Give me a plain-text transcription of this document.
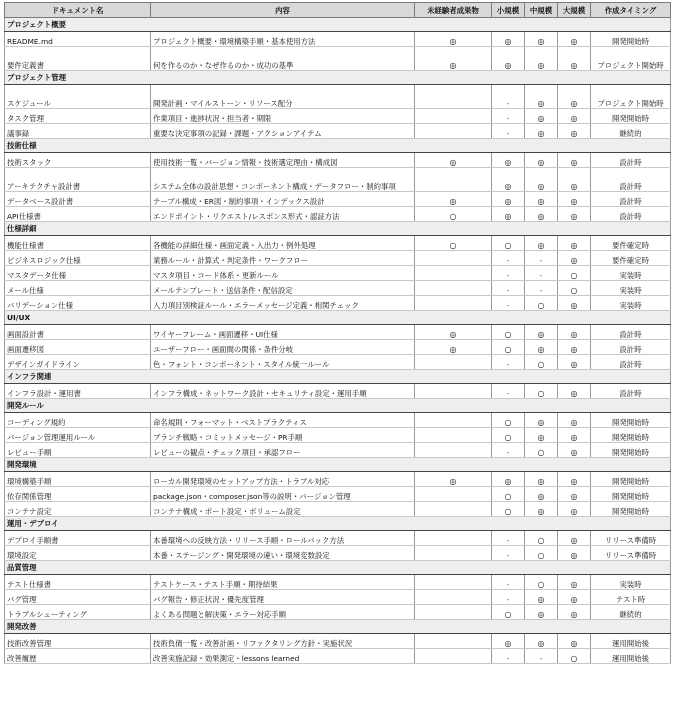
ドキュメント名	内容	未経験者成果物	小規模	中規模	大規模	作成タイミング
プロジェクト概要						
README.md	プロジェクト概要・環境構築手順・基本使用方法	◎	◎	◎	◎	開発開始時
要件定義書	何を作るのか・なぜ作るのか・成功の基準	◎	◎	◎	◎	プロジェクト開始時
プロジェクト管理						
スケジュール	開発計画・マイルストーン・リソース配分		-	◎	◎	プロジェクト開始時
タスク管理	作業項目・進捗状況・担当者・期限		-	◎	◎	開発開始時
議事録	重要な決定事項の記録・課題・アクションアイテム		-	◎	◎	継続的
技術仕様						
技術スタック	使用技術一覧・バージョン情報・技術選定理由・構成図	◎	◎	◎	◎	設計時
アーキテクチャ設計書	システム全体の設計思想・コンポーネント構成・データフロー・制約事項		◎	◎	◎	設計時
データベース設計書	テーブル構成・ER図・制約事項・インデックス設計	◎	◎	◎	◎	設計時
API仕様書	エンドポイント・リクエスト/レスポンス形式・認証方法	○	◎	◎	◎	設計時
仕様詳細						
機能仕様書	各機能の詳細仕様・画面定義・入出力・例外処理	○	○	◎	◎	要件確定時
ビジネスロジック仕様	業務ルール・計算式・判定条件・ワークフロー		-	-	◎	要件確定時
マスタデータ仕様	マスタ項目・コード体系・更新ルール		-	-	○	実装時
メール仕様	メールテンプレート・送信条件・配信設定		-	-	○	実装時
バリデーション仕様	入力項目別検証ルール・エラーメッセージ定義・相関チェック		-	○	◎	実装時
UI/UX						
画面設計書	ワイヤーフレーム・画面遷移・UI仕様	◎	○	◎	◎	設計時
画面遷移図	ユーザーフロー・画面間の関係・条件分岐	◎	○	◎	◎	設計時
デザインガイドライン	色・フォント・コンポーネント・スタイル統一ルール		-	○	◎	設計時
インフラ関連						
インフラ設計・運用書	インフラ構成・ネットワーク設計・セキュリティ設定・運用手順		-	○	◎	設計時
開発ルール						
コーディング規約	命名規則・フォーマット・ベストプラクティス		○	◎	◎	開発開始時
バージョン管理運用ルール	ブランチ戦略・コミットメッセージ・PR手順		○	◎	◎	開発開始時
レビュー手順	レビューの観点・チェック項目・承認フロー		-	○	◎	開発開始時
開発環境						
環境構築手順	ローカル開発環境のセットアップ方法・トラブル対応	◎	◎	◎	◎	開発開始時
依存関係管理	package.json・composer.json等の説明・バージョン管理		○	◎	◎	開発開始時
コンテナ設定	コンテナ構成・ポート設定・ボリューム設定		○	◎	◎	開発開始時
運用・デプロイ						
デプロイ手順書	本番環境への反映方法・リリース手順・ロールバック方法		-	○	◎	リリース準備時
環境設定	本番・ステージング・開発環境の違い・環境変数設定		-	○	◎	リリース準備時
品質管理						
テスト仕様書	テストケース・テスト手順・期待結果		-	○	◎	実装時
バグ管理	バグ報告・修正状況・優先度管理		-	◎	◎	テスト時
トラブルシューティング	よくある問題と解決策・エラー対応手順		○	◎	◎	継続的
開発改善						
技術改善管理	技術負債一覧・改善計画・リファクタリング方針・実施状況		◎	◎	◎	運用開始後
改善履歴	改善実施記録・効果測定・lessons learned		-	-	○	運用開始後
